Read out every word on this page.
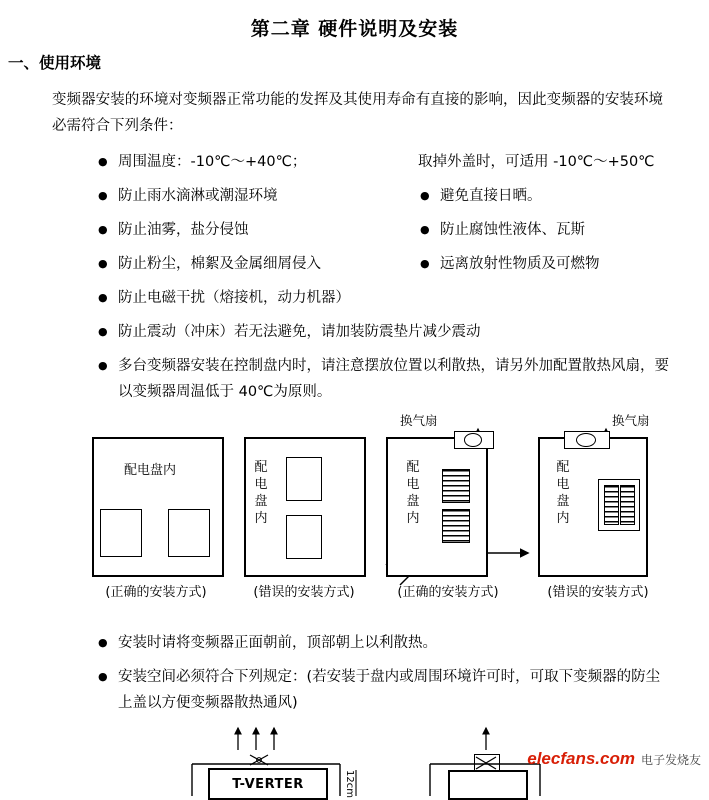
第二章 硬件说明及安装
一、使用环境
变频器安装的环境对变频器正常功能的发挥及其使用寿命有直接的影响，因此变频器的安装环境必需符合下列条件：
● 周围温度：-10℃～+40℃；	取掉外盖时，可适用 -10℃～+50℃
● 防止雨水滴淋或潮湿环境	● 避免直接日晒。
● 防止油雾，盐分侵蚀	● 防止腐蚀性液体、瓦斯
● 防止粉尘，棉絮及金属细屑侵入	● 远离放射性物质及可燃物
● 防止电磁干扰（熔接机，动力机器）
● 防止震动（冲床）若无法避免，请加装防震垫片减少震动
● 多台变频器安装在控制盘内时，请注意摆放位置以利散热，请另外加配置散热风扇，要以变频器周温低于 40℃为原则。
配电盘内
(正确的安装方式)
配
电
盘
内
(错误的安装方式)
换气扇
配
电
盘
内
(正确的安装方式)
换气扇
配
电
盘
内
(错误的安装方式)
● 安装时请将变频器正面朝前，顶部朝上以利散热。
● 安装空间必须符合下列规定：(若安装于盘内或周围环境许可时，可取下变频器的防尘上盖以方便变频器散热通风)
T-VERTER	12cm
elecfans.com 电子发烧友
